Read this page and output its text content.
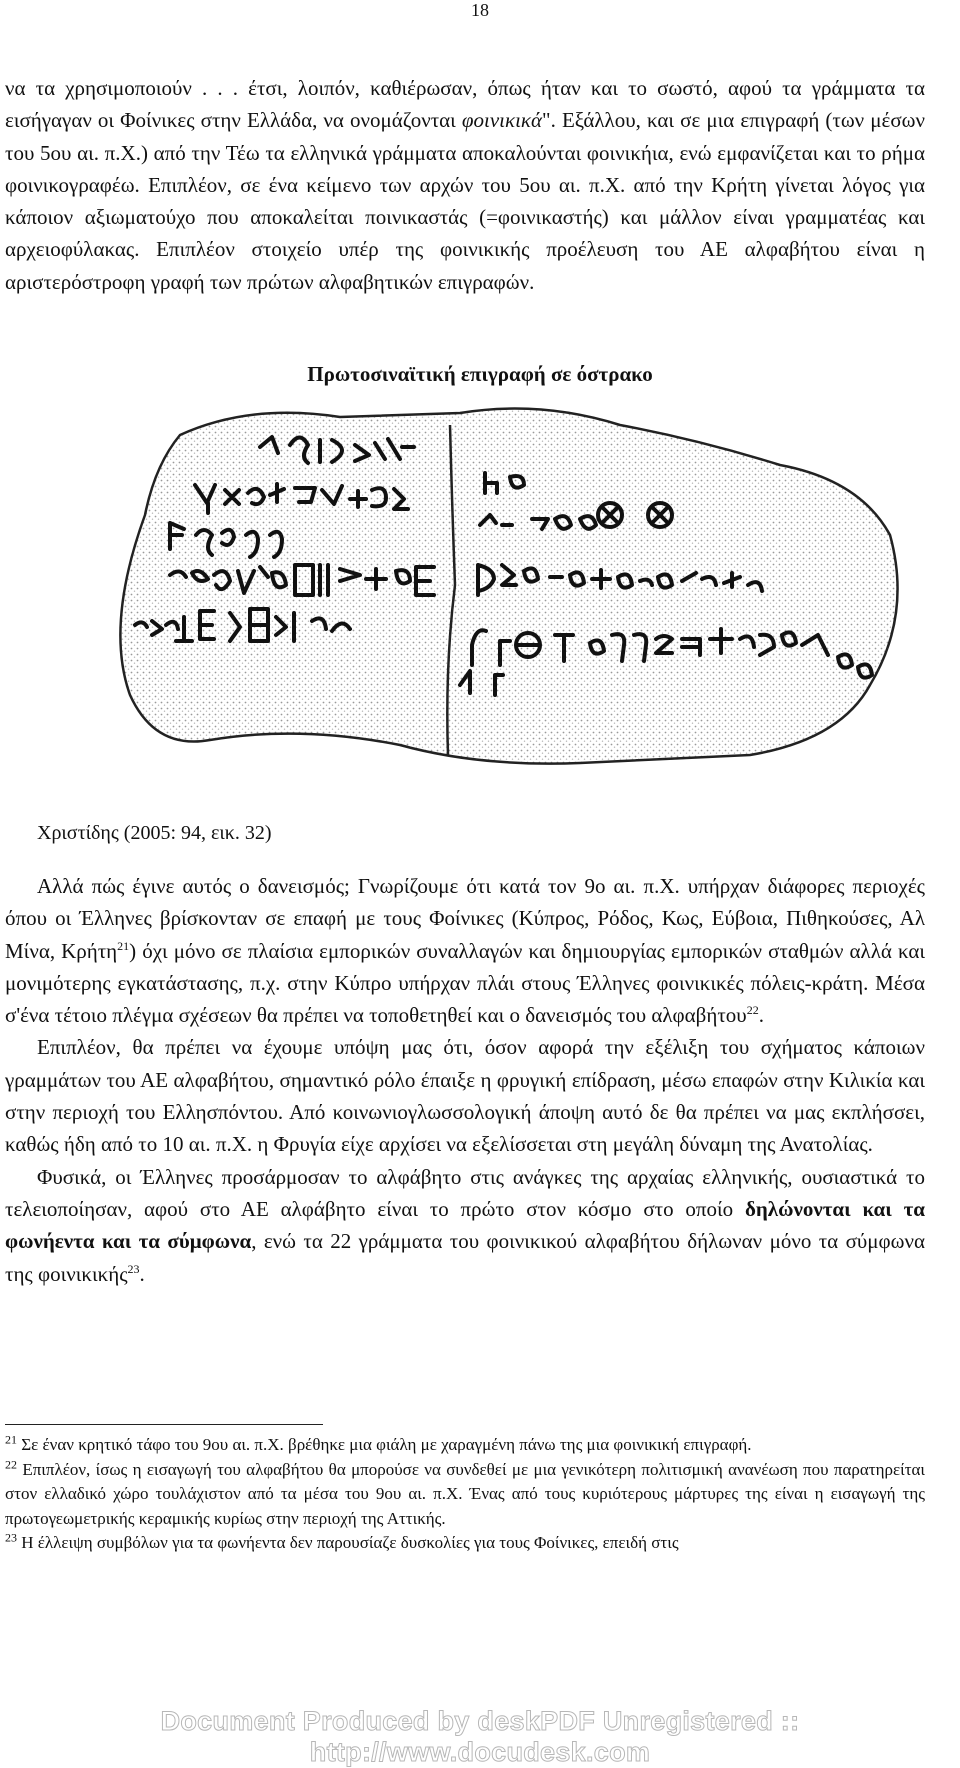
18
να τα χρησιμοποιούν . . . έτσι, λοιπόν, καθιέρωσαν, όπως ήταν και το σωστό, αφού τα γράμματα τα εισήγαγαν οι Φοίνικες στην Ελλάδα, να ονομάζονται φοινικικά". Εξάλλου, και σε μια επιγραφή (των μέσων του 5ου αι. π.Χ.) από την Τέω τα ελληνικά γράμματα αποκαλούνται φοινικήια, ενώ εμφανίζεται και το ρήμα φοινικογραφέω. Επιπλέον, σε ένα κείμενο των αρχών του 5ου αι. π.Χ. από την Κρήτη γίνεται λόγος για κάποιον αξιωματούχο που αποκαλείται ποινικαστάς (=φοινικαστής) και μάλλον είναι γραμματέας και αρχειοφύλακας. Επιπλέον στοιχείο υπέρ της φοινικικής προέλευση του ΑΕ αλφαβήτου είναι η αριστερόστροφη γραφή των πρώτων αλφαβητικών επιγραφών.
Πρωτοσιναϊτική επιγραφή σε όστρακο
Χριστίδης (2005: 94, εικ. 32)
Αλλά πώς έγινε αυτός ο δανεισμός; Γνωρίζουμε ότι κατά τον 9ο αι. π.Χ. υπήρχαν διάφορες περιοχές όπου οι Έλληνες βρίσκονταν σε επαφή με τους Φοίνικες (Κύπρος, Ρόδος, Κως, Εύβοια, Πιθηκούσες, Αλ Μίνα, Κρήτη$^{21}$) όχι μόνο σε πλαίσια εμπορικών συναλλαγών και δημιουργίας εμπορικών σταθμών αλλά και μονιμότερης εγκατάστασης, π.χ. στην Κύπρο υπήρχαν πλάι στους Έλληνες φοινικικές πόλεις-κράτη. Μέσα σ'ένα τέτοιο πλέγμα σχέσεων θα πρέπει να τοποθετηθεί και ο δανεισμός του αλφαβήτου$^{22}$.
Επιπλέον, θα πρέπει να έχουμε υπόψη μας ότι, όσον αφορά την εξέλιξη του σχήματος κάποιων γραμμάτων του ΑΕ αλφαβήτου, σημαντικό ρόλο έπαιξε η φρυγική επίδραση, μέσω επαφών στην Κιλικία και στην περιοχή του Ελλησπόντου. Από κοινωνιογλωσσολογική άποψη αυτό δε θα πρέπει να μας εκπλήσσει, καθώς ήδη από το 10 αι. π.Χ. η Φρυγία είχε αρχίσει να εξελίσσεται στη μεγάλη δύναμη της Ανατολίας.
Φυσικά, οι Έλληνες προσάρμοσαν το αλφάβητο στις ανάγκες της αρχαίας ελληνικής, ουσιαστικά το τελειοποίησαν, αφού στο ΑΕ αλφάβητο είναι το πρώτο στον κόσμο στο οποίο δηλώνονται και τα φωνήεντα και τα σύμφωνα, ενώ τα 22 γράμματα του φοινικικού αλφαβήτου δήλωναν μόνο τα σύμφωνα της φοινικικής$^{23}$.

$^{21}$ Σε έναν κρητικό τάφο του 9ου αι. π.Χ. βρέθηκε μια φιάλη με χαραγμένη πάνω της μια φοινικική επιγραφή.

$^{22}$ Επιπλέον, ίσως η εισαγωγή του αλφαβήτου θα μπορούσε να συνδεθεί με μια γενικότερη πολιτισμική ανανέωση που παρατηρείται στον ελλαδικό χώρο τουλάχιστον από τα μέσα του 9ου αι. π.Χ. Ένας από τους κυριότερους μάρτυρες της είναι η εισαγωγή της πρωτογεωμετρικής κεραμικής κυρίως στην περιοχή της Αττικής.

$^{23}$ Η έλλειψη συμβόλων για τα φωνήεντα δεν παρουσίαζε δυσκολίες για τους Φοίνικες, επειδή στις

Document Produced by deskPDF Unregistered :: http://www.docudesk.com
